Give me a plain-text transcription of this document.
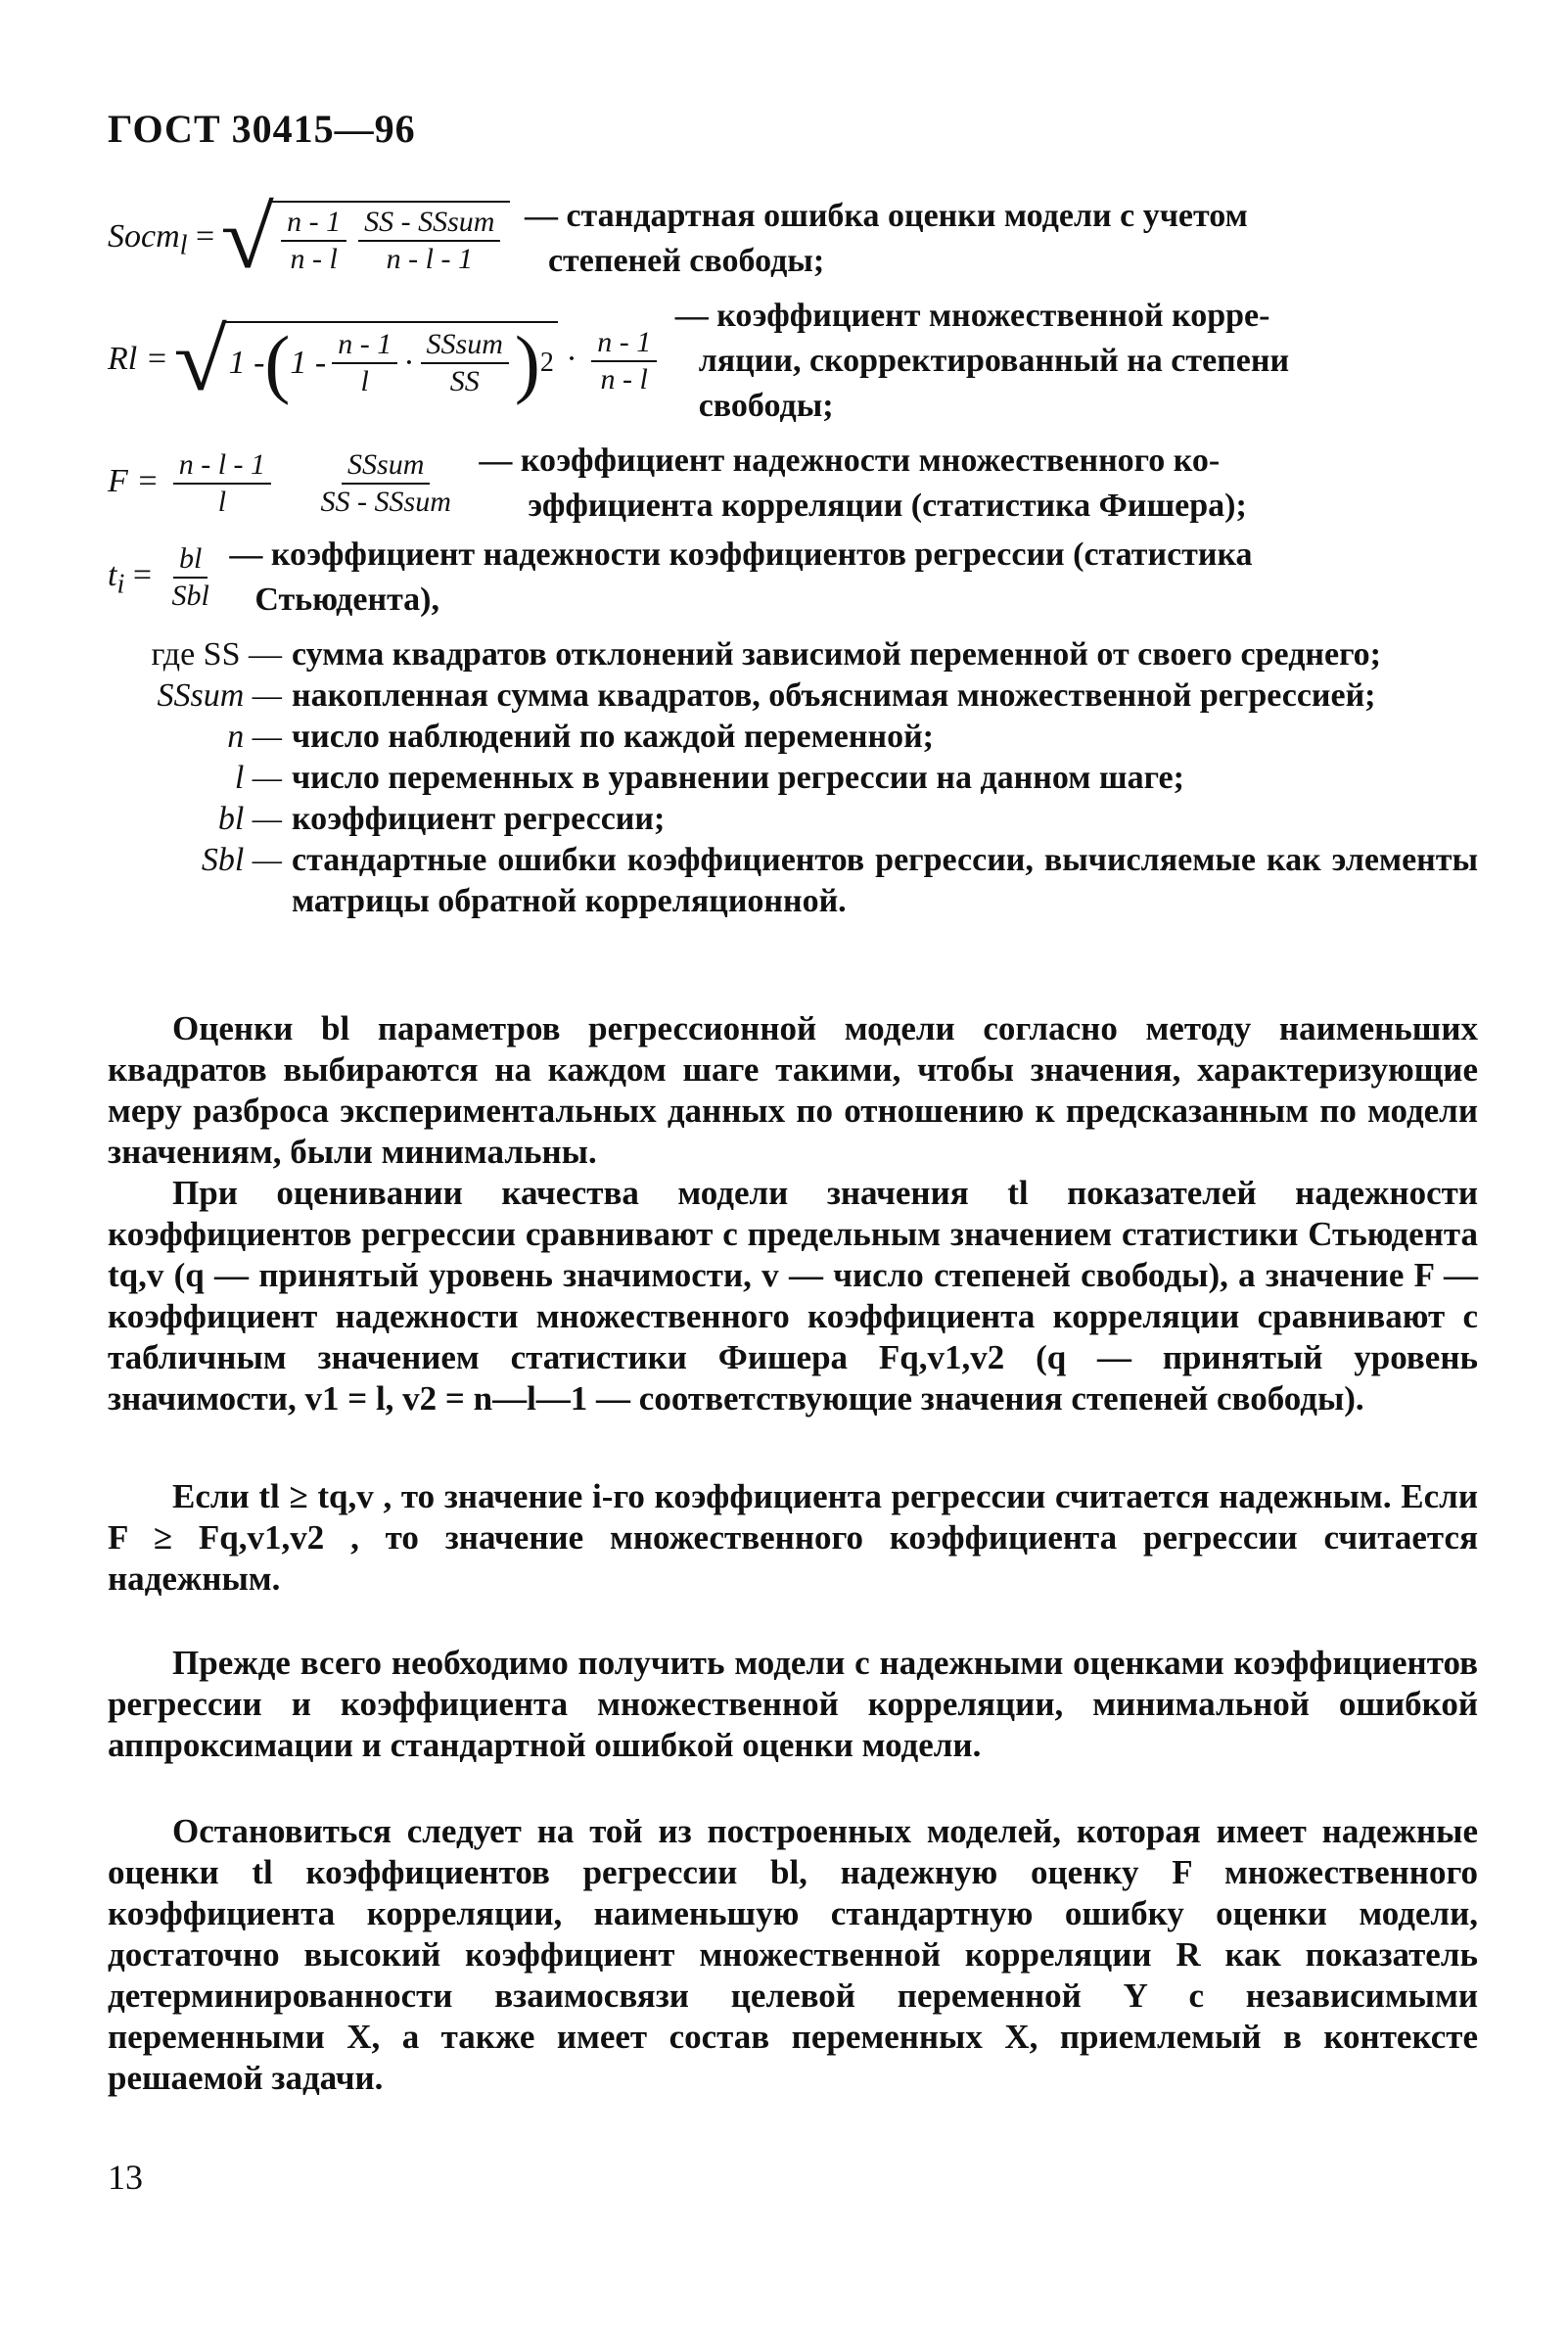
ГОСТ 30415—96
Sост$_l$ =
√ $\frac{n - 1}{n - l} \frac{\text{SS - SSsum}}{n - l - 1}$ — стандартная ошибка оценки модели с учетом
степеней свободы;
Rl = √ 1 - ( $1 - \frac{n - 1}{l} \cdot \frac{\text{SSsum}}{SS}$ ) $2 \cdot \frac{n - 1}{n - l}$
— коэффициент множественной корре-
ляции, скорректированный на степени
свободы;
$F = \frac{n - l - 1}{l}$
$\frac{\text{SSsum}}{\text{SS - SSsum}}$ — коэффициент надежности множественного ко-
эффициента корреляции (статистика Фишера);
$t_i = \frac{bl}{\text{Sbl}}$ — коэффициент надежности коэффициентов регрессии (статистика
Стьюдента),
где SS — сумма квадратов отклонений зависимой переменной от своего среднего;
SSsum — накопленная сумма квадратов, объяснимая множественной регрессией;
n — число наблюдений по каждой переменной;
l — число переменных в уравнении регрессии на данном шаге;
bl — коэффициент регрессии;
Sbl — стандартные ошибки коэффициентов регрессии, вычисляемые как элементы матрицы обратной корреляционной.
Оценки bl параметров регрессионной модели согласно методу наименьших квадратов выбираются на каждом шаге такими, чтобы значения, характеризующие меру разброса экспериментальных данных по отношению к предсказанным по модели значениям, были минимальны.
При оценивании качества модели значения tl показателей надежности коэффициентов регрессии сравнивают с предельным значением статистики Стьюдента tq,v (q — принятый уровень значимости, v — число степеней свободы), а значение F — коэффициент надежности множественного коэффициента корреляции сравнивают с табличным значением статистики Фишера Fq,v1,v2 (q — принятый уровень значимости, v1 = l, v2 = n—l—1 — соответствующие значения степеней свободы).
Если tl ≥ tq,v , то значение i-го коэффициента регрессии считается надежным. Если F ≥ Fq,v1,v2 , то значение множественного коэффициента регрессии считается надежным.
Прежде всего необходимо получить модели с надежными оценками коэффициентов регрессии и коэффициента множественной корреляции, минимальной ошибкой аппроксимации и стандартной ошибкой оценки модели.
Остановиться следует на той из построенных моделей, которая имеет надежные оценки tl коэффициентов регрессии bl, надежную оценку F множественного коэффициента корреляции, наименьшую стандартную ошибку оценки модели, достаточно высокий коэффициент множественной корреляции R как показатель детерминированности взаимосвязи целевой переменной Y с независимыми переменными X, а также имеет состав переменных X, приемлемый в контексте решаемой задачи.
13
